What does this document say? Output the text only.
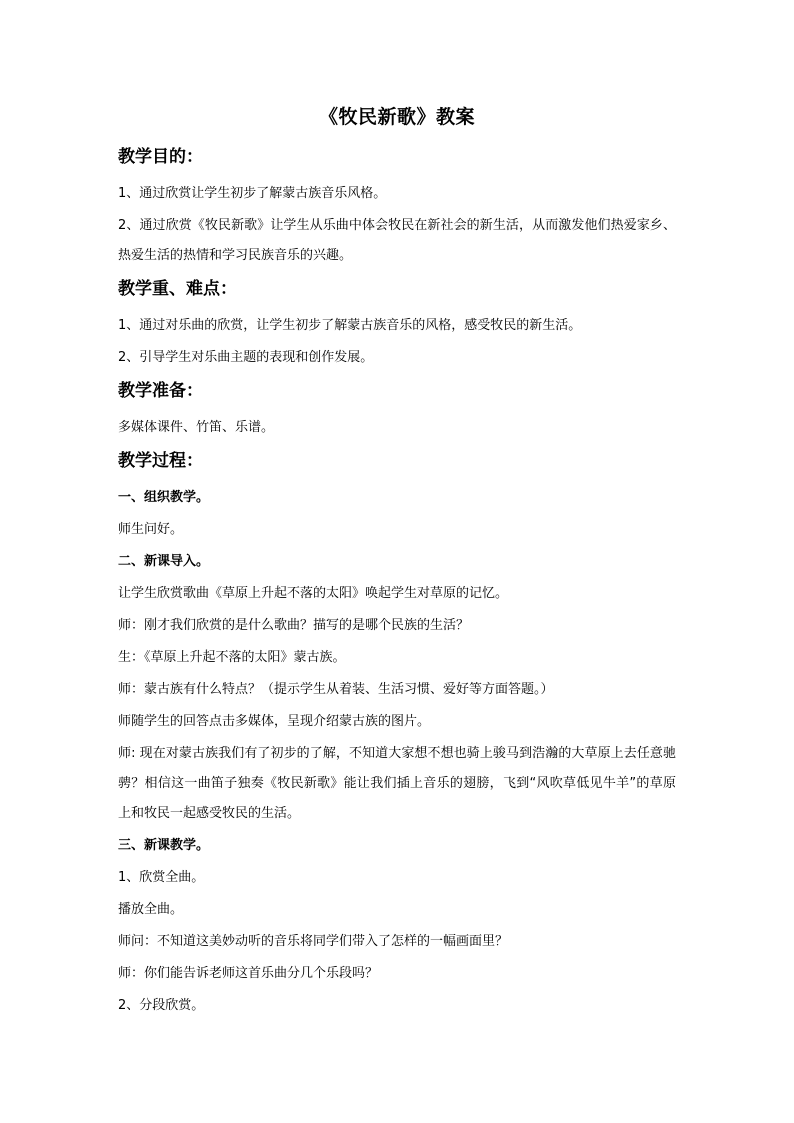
《牧民新歌》教案
教学目的：
1、通过欣赏让学生初步了解蒙古族音乐风格。
2、通过欣赏《牧民新歌》让学生从乐曲中体会牧民在新社会的新生活，从而激发他们热爱家乡、热爱生活的热情和学习民族音乐的兴趣。
教学重、难点：
1、通过对乐曲的欣赏，让学生初步了解蒙古族音乐的风格，感受牧民的新生活。
2、引导学生对乐曲主题的表现和创作发展。
教学准备：
多媒体课件、竹笛、乐谱。
教学过程：
一、组织教学。
师生问好。
二、新课导入。
让学生欣赏歌曲《草原上升起不落的太阳》唤起学生对草原的记忆。
师：刚才我们欣赏的是什么歌曲？描写的是哪个民族的生活？
生：《草原上升起不落的太阳》蒙古族。
师：蒙古族有什么特点？（提示学生从着装、生活习惯、爱好等方面答题。）
师随学生的回答点击多媒体，呈现介绍蒙古族的图片。
师: 现在对蒙古族我们有了初步的了解，不知道大家想不想也骑上骏马到浩瀚的大草原上去任意驰骋？相信这一曲笛子独奏《牧民新歌》能让我们插上音乐的翅膀，飞到“风吹草低见牛羊”的草原上和牧民一起感受牧民的生活。
三、新课教学。
1、欣赏全曲。
播放全曲。
师问：不知道这美妙动听的音乐将同学们带入了怎样的一幅画面里？
师：你们能告诉老师这首乐曲分几个乐段吗？
2、分段欣赏。
